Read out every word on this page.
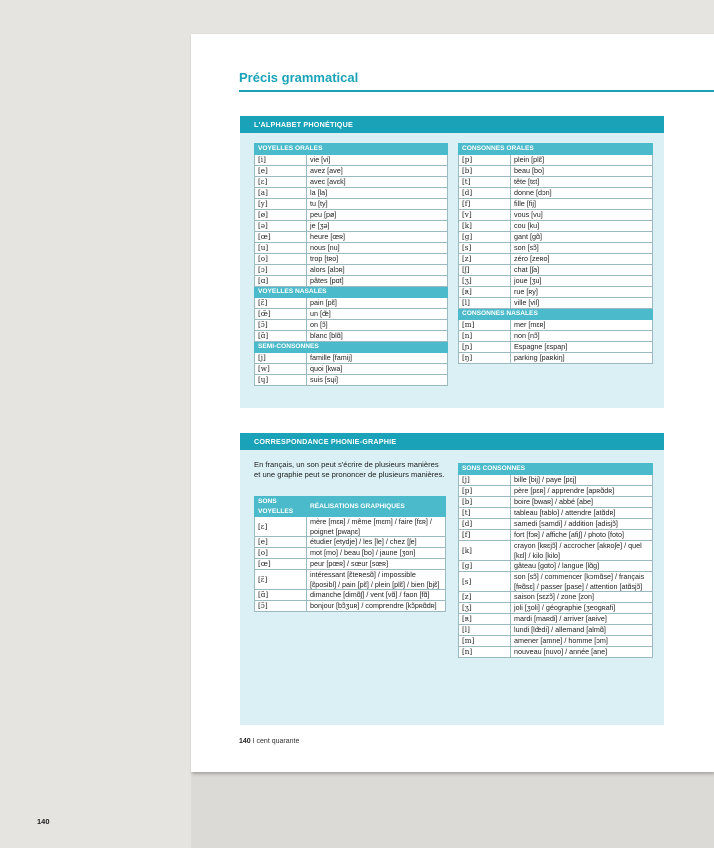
Précis grammatical
L'ALPHABET PHONÉTIQUE
VOYELLES ORALES	
[i]	vie [vi]
[e]	avez [ave]
[ɛ]	avec [avɛk]
[a]	la [la]
[y]	tu [ty]
[ø]	peu [pø]
[ə]	je [ʒə]
[œ]	heure [œʀ]
[u]	nous [nu]
[o]	trop [tʀo]
[ɔ]	alors [alɔʀ]
[ɑ]	pâtes [pɑt]
VOYELLES NASALES	
[ɛ̃]	pain [pɛ̃]
[œ̃]	un [œ̃]
[ɔ̃]	on [ɔ̃]
[ɑ̃]	blanc [blɑ̃]
SEMI-CONSONNES	
[j]	famille [famij]
[w]	quoi [kwa]
[ɥ]	suis [sɥi]
CONSONNES ORALES	
[p]	plein [plɛ̃]
[b]	beau [bo]
[t]	tête [tɛt]
[d]	donne [dɔn]
[f]	fille [fij]
[v]	vous [vu]
[k]	cou [ku]
[g]	gant [gɑ̃]
[s]	son [sɔ̃]
[z]	zéro [zeʀo]
[ʃ]	chat [ʃa]
[ʒ]	joue [ʒu]
[ʀ]	rue [ʀy]
[l]	ville [vil]
CONSONNES NASALES	
[m]	mer [mɛʀ]
[n]	non [nɔ̃]
[ɲ]	Espagne [ɛspaɲ]
[ŋ]	parking [paʀkiŋ]
CORRESPONDANCE PHONIE-GRAPHIE
En français, un son peut s'écrire de plusieurs manières et une graphie peut se prononcer de plusieurs manières.
SONS VOYELLES	RÉALISATIONS GRAPHIQUES
[ɛ]	mère [mɛʀ] / même [mɛm] / faire [fɛʀ] / poignet [pwaɲɛ]
[e]	étudier [etydje] / les [le] / chez [ʃe]
[o]	mot [mo] / beau [bo] / jaune [ʒon]
[œ]	peur [pœʀ] / sœur [sœʀ]
[ɛ̃]	intéressant [ɛ̃teʀesɑ̃] / impossible [ɛ̃posibl] / pain [pɛ̃] / plein [plɛ̃] / bien [bjɛ̃]
[ɑ̃]	dimanche [dimɑ̃ʃ] / vent [vɑ̃] / faon [fɑ̃]
[ɔ̃]	bonjour [bɔ̃ʒuʀ] / comprendre [kɔ̃pʀɑ̃dʀ]
SONS CONSONNES	
[j]	bille [bij] / paye [pɛj]
[p]	père [pɛʀ] / apprendre [apʀɑ̃dʀ]
[b]	boire [bwaʀ] / abbé [abe]
[t]	tableau [tablo] / attendre [atɑ̃dʀ]
[d]	samedi [samdi] / addition [adisjɔ̃]
[f]	fort [fɔʀ] / affiche [afiʃ] / photo [foto]
[k]	crayon [kʀɛjɔ̃] / accrocher [akʀoʃe] / quel [kɛl] / kilo [kilo]
[g]	gâteau [gɑto] / langue [lɑ̃g]
[s]	son [sɔ̃] / commencer [kɔmɑ̃se] / français [fʀɑ̃sɛ] / passer [pase] / attention [atɑ̃sjɔ̃]
[z]	saison [sɛzɔ̃] / zone [zon]
[ʒ]	joli [ʒoli] / géographie [ʒeogʀafi]
[ʀ]	mardi [maʀdi] / arriver [aʀive]
[l]	lundi [lœ̃di] / allemand [almɑ̃]
[m]	amener [amne] / homme [ɔm]
[n]	nouveau [nuvo] / année [ane]
140 I cent quarante
140
